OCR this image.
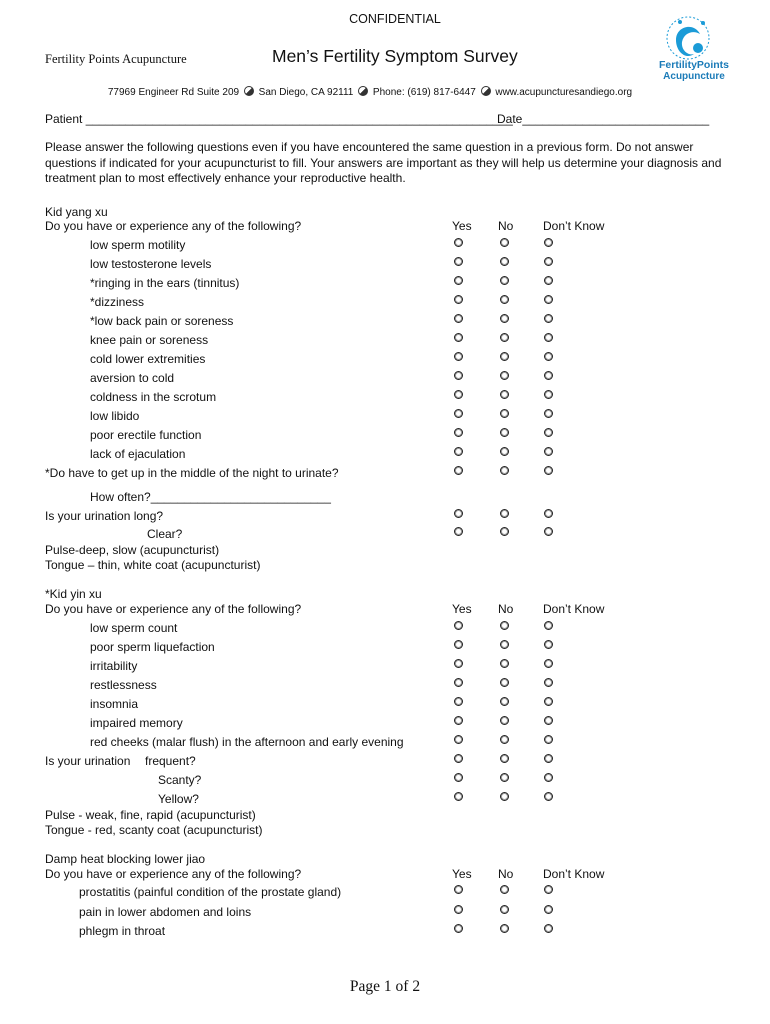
CONFIDENTIAL
Fertility Points Acupuncture	Men’s Fertility Symptom Survey	FertilityPoints
Acupuncture
77969 Engineer Rd Suite 209 San Diego, CA 92111 Phone: (619) 817-6447 www.acupuncturesandiego.org
Patient ________________________________________________________________
Date____________________________
Please answer the following questions even if you have encountered the same question in a previous form. Do not answer questions if indicated for your acupuncturist to fill. Your answers are important as they will help us determine your diagnosis and treatment plan to most effectively enhance your reproductive health.
Kid yang xu
Do you have or experience any of the following?	Yes No Don’t Know
low sperm motility
low testosterone levels
*ringing in the ears (tinnitus)
*dizziness
*low back pain or soreness
knee pain or soreness
cold lower extremities
aversion to cold
coldness in the scrotum
low libido
poor erectile function
lack of ejaculation
*Do have to get up in the middle of the night to urinate?
How often?___________________________
Is your urination long?
Clear?
Pulse-deep, slow (acupuncturist)
Tongue – thin, white coat (acupuncturist)
*Kid yin xu
Do you have or experience any of the following?	Yes No Don’t Know
low sperm count
poor sperm liquefaction
irritability
restlessness
insomnia
impaired memory
red cheeks (malar flush) in the afternoon and early evening
Is your urination frequent?
Scanty?
Yellow?
Pulse - weak, fine, rapid (acupuncturist)
Tongue - red, scanty coat (acupuncturist)
Damp heat blocking lower jiao
Do you have or experience any of the following?	Yes No Don’t Know
prostatitis (painful condition of the prostate gland)
pain in lower abdomen and loins
phlegm in throat
Page 1 of 2
